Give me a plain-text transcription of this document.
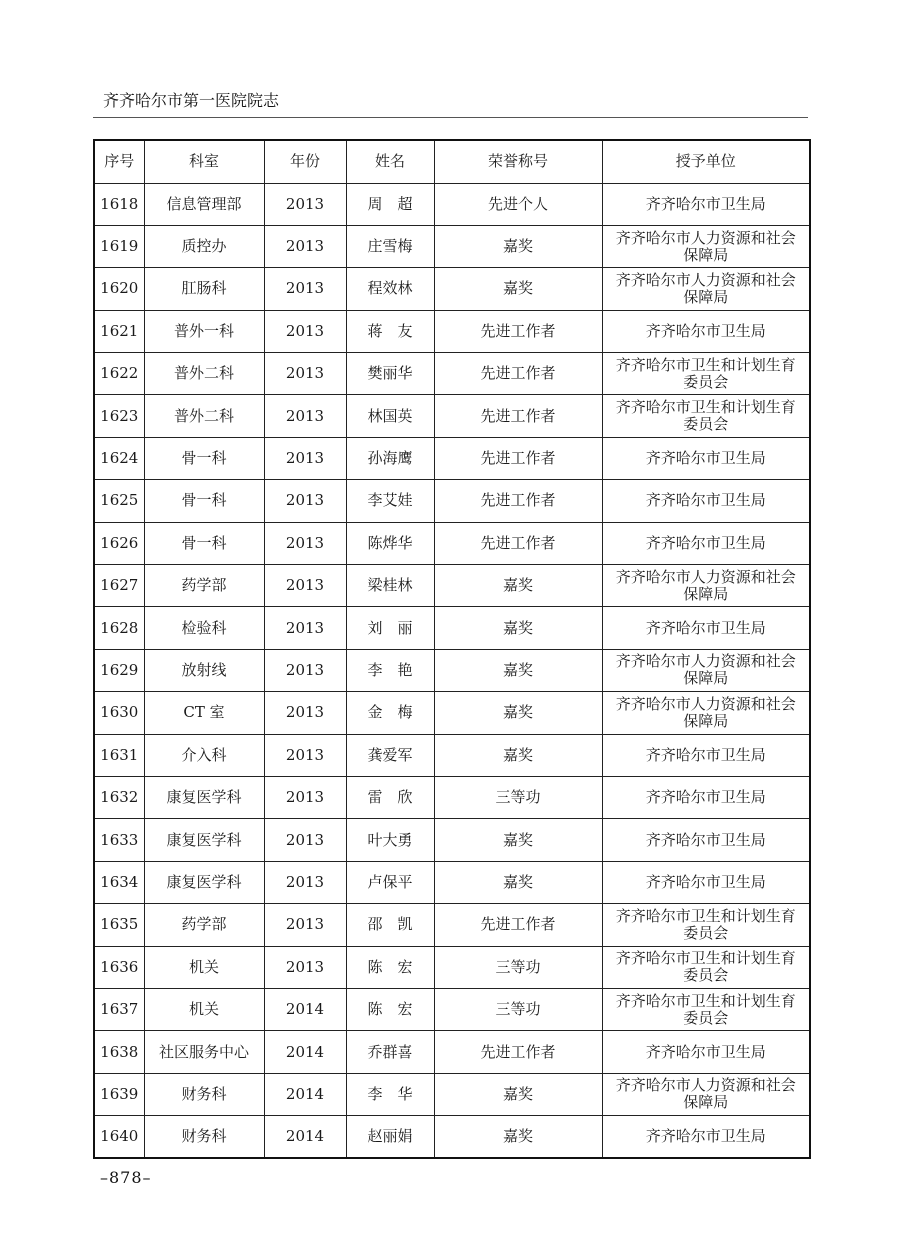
齐齐哈尔市第一医院院志
序号	科室	年份	姓名	荣誉称号	授予单位
1618	信息管理部	2013	周　超	先进个人	齐齐哈尔市卫生局

1619	质控办	2013	庄雪梅	嘉奖	齐齐哈尔市人力资源和社会
保障局

1620	肛肠科	2013	程效林	嘉奖	齐齐哈尔市人力资源和社会
保障局

1621	普外一科	2013	蒋　友	先进工作者	齐齐哈尔市卫生局

1622	普外二科	2013	樊丽华	先进工作者	齐齐哈尔市卫生和计划生育
委员会

1623	普外二科	2013	林国英	先进工作者	齐齐哈尔市卫生和计划生育
委员会

1624	骨一科	2013	孙海鹰	先进工作者	齐齐哈尔市卫生局

1625	骨一科	2013	李艾娃	先进工作者	齐齐哈尔市卫生局

1626	骨一科	2013	陈烨华	先进工作者	齐齐哈尔市卫生局

1627	药学部	2013	梁桂林	嘉奖	齐齐哈尔市人力资源和社会
保障局

1628	检验科	2013	刘　丽	嘉奖	齐齐哈尔市卫生局

1629	放射线	2013	李　艳	嘉奖	齐齐哈尔市人力资源和社会
保障局

1630	CT 室	2013	金　梅	嘉奖	齐齐哈尔市人力资源和社会
保障局

1631	介入科	2013	龚爱军	嘉奖	齐齐哈尔市卫生局

1632	康复医学科	2013	雷　欣	三等功	齐齐哈尔市卫生局

1633	康复医学科	2013	叶大勇	嘉奖	齐齐哈尔市卫生局

1634	康复医学科	2013	卢保平	嘉奖	齐齐哈尔市卫生局

1635	药学部	2013	邵　凯	先进工作者	齐齐哈尔市卫生和计划生育
委员会

1636	机关	2013	陈　宏	三等功	齐齐哈尔市卫生和计划生育
委员会

1637	机关	2014	陈　宏	三等功	齐齐哈尔市卫生和计划生育
委员会

1638	社区服务中心	2014	乔群喜	先进工作者	齐齐哈尔市卫生局

1639	财务科	2014	李　华	嘉奖	齐齐哈尔市人力资源和社会
保障局

1640	财务科	2014	赵丽娟	嘉奖	齐齐哈尔市卫生局
–878–
